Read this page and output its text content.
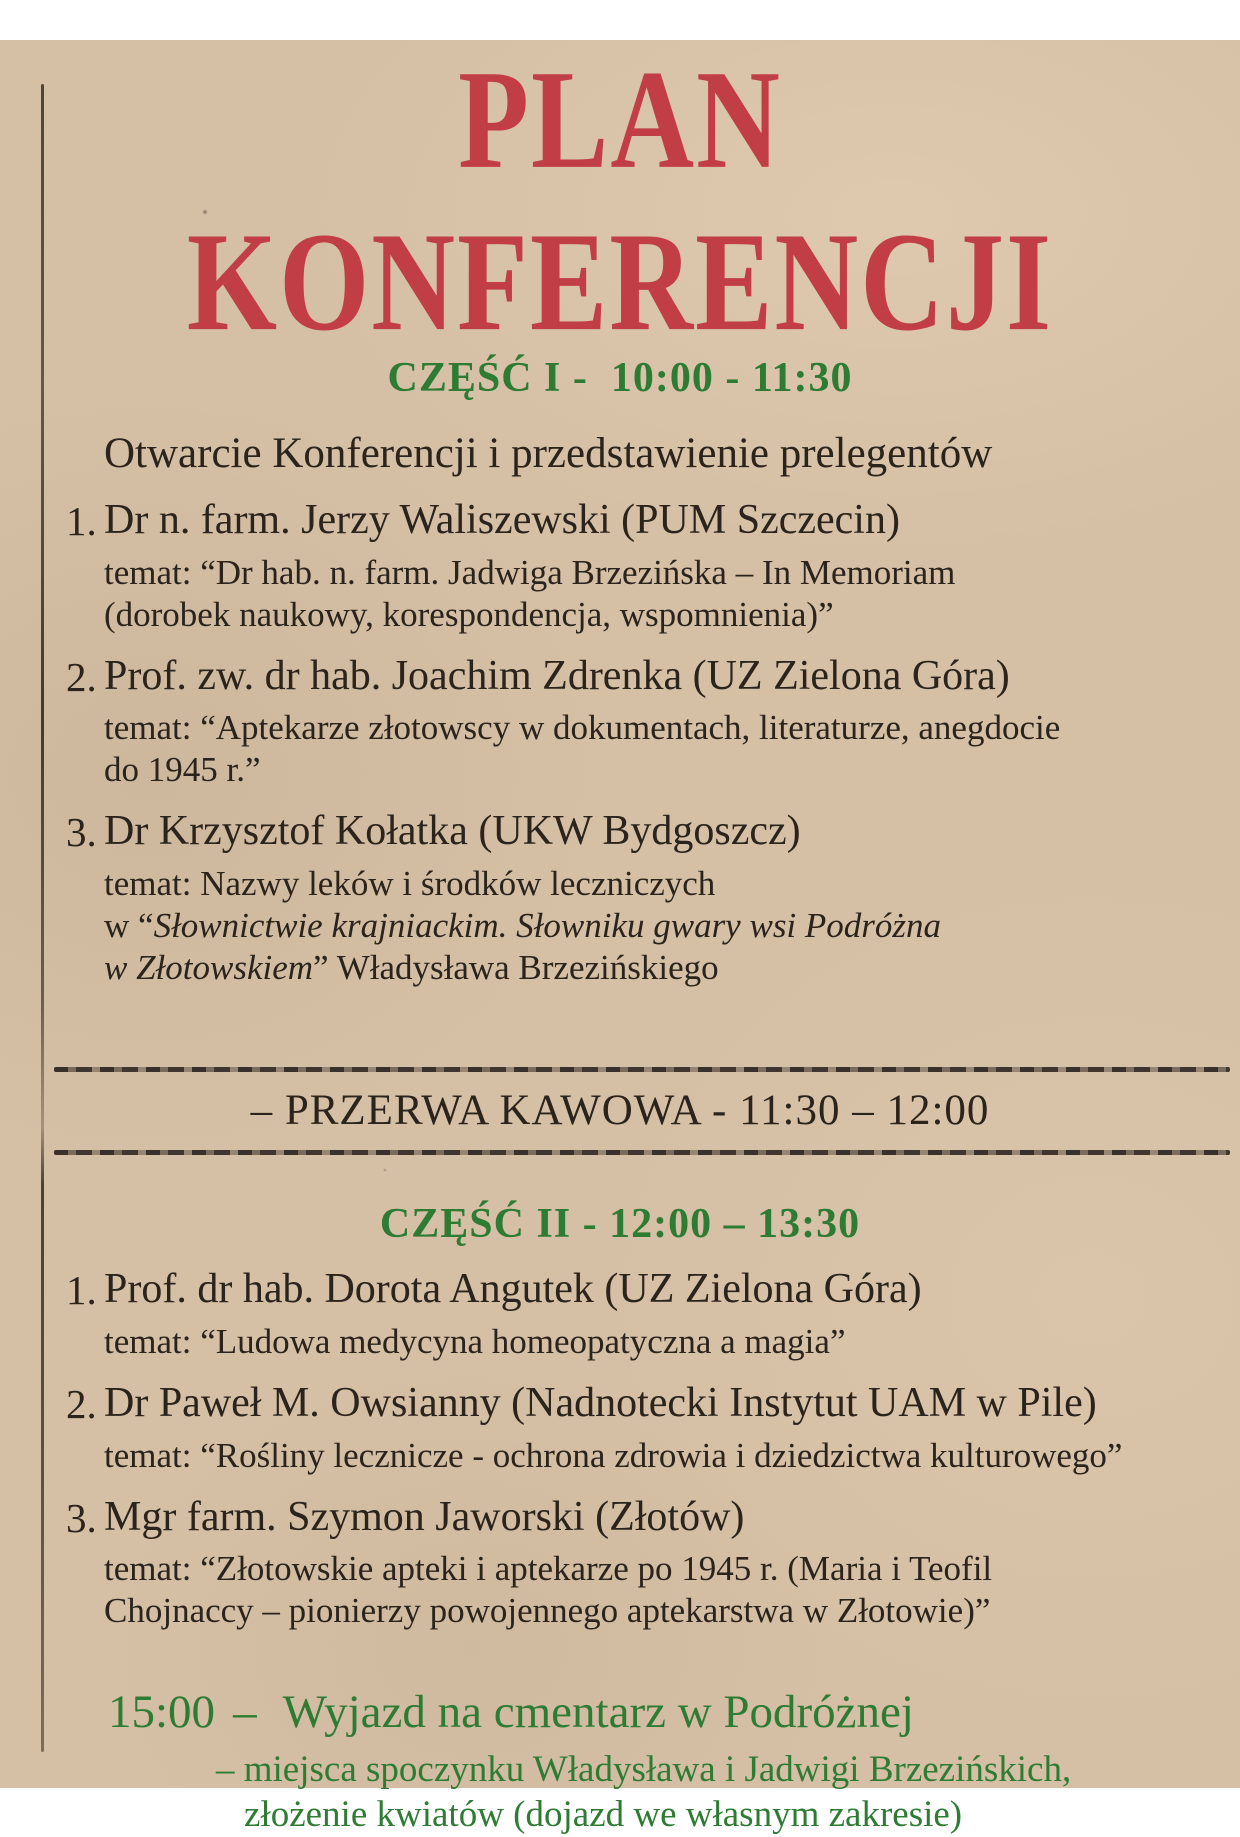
PLAN KONFERENCJI
CZĘŚĆ I -  10:00 - 11:30

Otwarcie Konferencji i przedstawienie prelegentów

1. Dr n. farm. Jerzy Waliszewski (PUM Szczecin)
temat: “Dr hab. n. farm. Jadwiga Brzezińska – In Memoriam
(dorobek naukowy, korespondencja, wspomnienia)”
2. Prof. zw. dr hab. Joachim Zdrenka (UZ Zielona Góra)
temat: “Aptekarze złotowscy w dokumentach, literaturze, anegdocie
do 1945 r.”
3. Dr Krzysztof Kołatka (UKW Bydgoszcz)
temat: Nazwy leków i środków leczniczych
w “Słownictwie krajniackim. Słowniku gwary wsi Podróżna
w Złotowskiem” Władysława Brzezińskiego
– PRZERWA KAWOWA - 11:30 – 12:00
CZĘŚĆ II - 12:00 – 13:30
1. Prof. dr hab. Dorota Angutek (UZ Zielona Góra)
temat: “Ludowa medycyna homeopatyczna a magia”
2. Dr Paweł M. Owsianny (Nadnotecki Instytut UAM w Pile)
temat: “Rośliny lecznicze - ochrona zdrowia i dziedzictwa kulturowego”
3. Mgr farm. Szymon Jaworski (Złotów)
temat: “Złotowskie apteki i aptekarze po 1945 r. (Maria i Teofil
Chojnaccy – pionierzy powojennego aptekarstwa w Złotowie)”
15:00 – Wyjazd na cmentarz w Podróżnej
– miejsca spoczynku Władysława i Jadwigi Brzezińskich,
złożenie kwiatów (dojazd we własnym zakresie)
